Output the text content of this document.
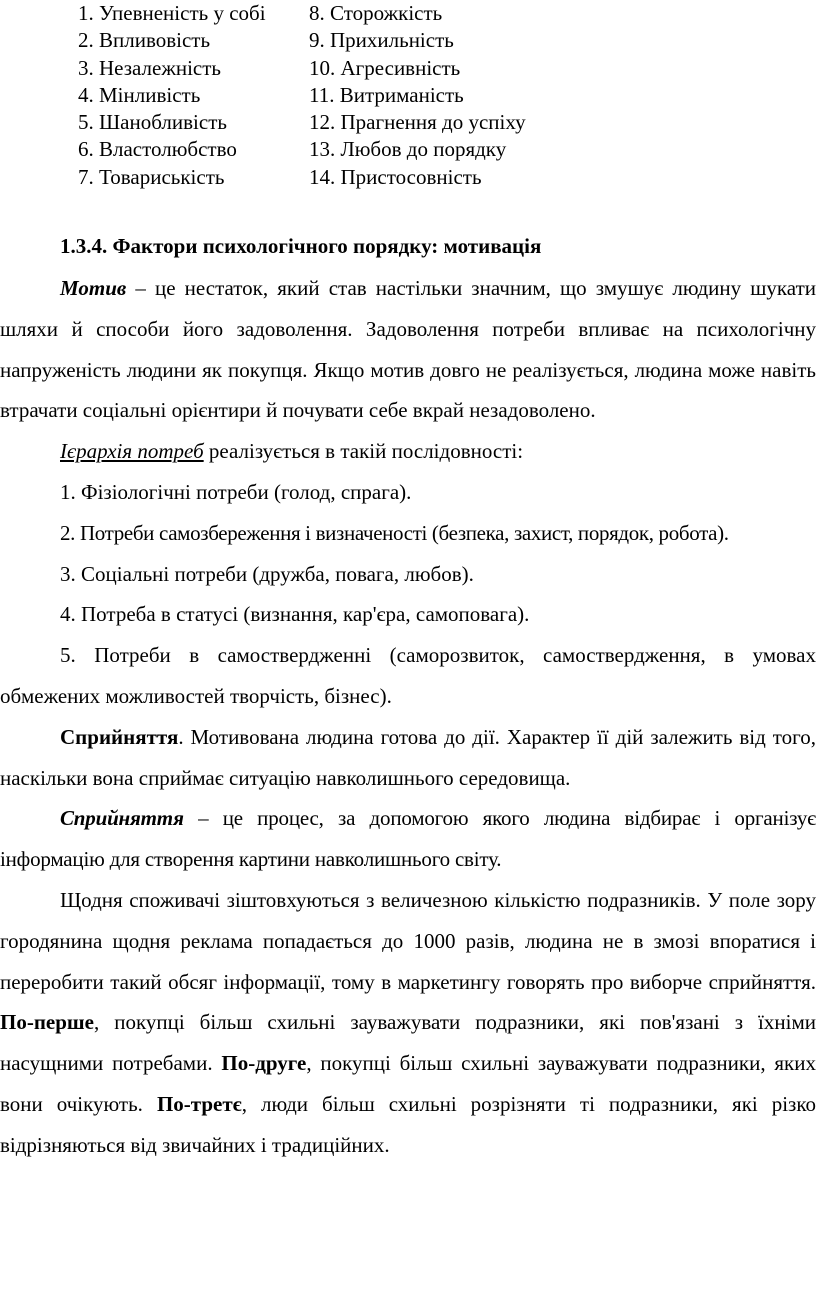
1. Упевненість у собі 8. Сторожкість
2. Впливовість	9. Прихильність
3. Незалежність	10. Агресивність
4. Мінливість	11. Витриманість
5. Шанобливість	12. Прагнення до успіху
6. Властолюбство	13. Любов до порядку
7. Товариськість	14. Пристосовність
1.3.4. Фактори психологічного порядку: мотивація
Мотив – це нестаток, який став настільки значним, що змушує людину шукати шляхи й способи його задоволення. Задоволення потреби впливає на психологічну напруженість людини як покупця. Якщо мотив довго не реалізується, людина може навіть втрачати соціальні орієнтири й почувати себе вкрай незадоволено.
Ієрархія потреб реалізується в такій послідовності:
1. Фізіологічні потреби (голод, спрага).
2. Потреби самозбереження і визначеності (безпека, захист, порядок, робота).
3. Соціальні потреби (дружба, повага, любов).
4. Потреба в статусі (визнання, кар'єра, самоповага).
5. Потреби в самоствердженні (саморозвиток, самоствердження, в умовах обмежених можливостей творчість, бізнес).
Сприйняття. Мотивована людина готова до дії. Характер її дій залежить від того, наскільки вона сприймає ситуацію навколишнього середовища.
Сприйняття – це процес, за допомогою якого людина відбирає і організує інформацію для створення картини навколишнього світу.
Щодня споживачі зіштовхуються з величезною кількістю подразників. У поле зору городянина щодня реклама попадається до 1000 разів, людина не в змозі впоратися і переробити такий обсяг інформації, тому в маркетингу говорять про виборче сприйняття. По-перше, покупці більш схильні зауважувати подразники, які пов'язані з їхніми насущними потребами. По-друге, покупці більш схильні зауважувати подразники, яких вони очікують. По-третє, люди більш схильні розрізняти ті подразники, які різко відрізняються від звичайних і традиційних.
